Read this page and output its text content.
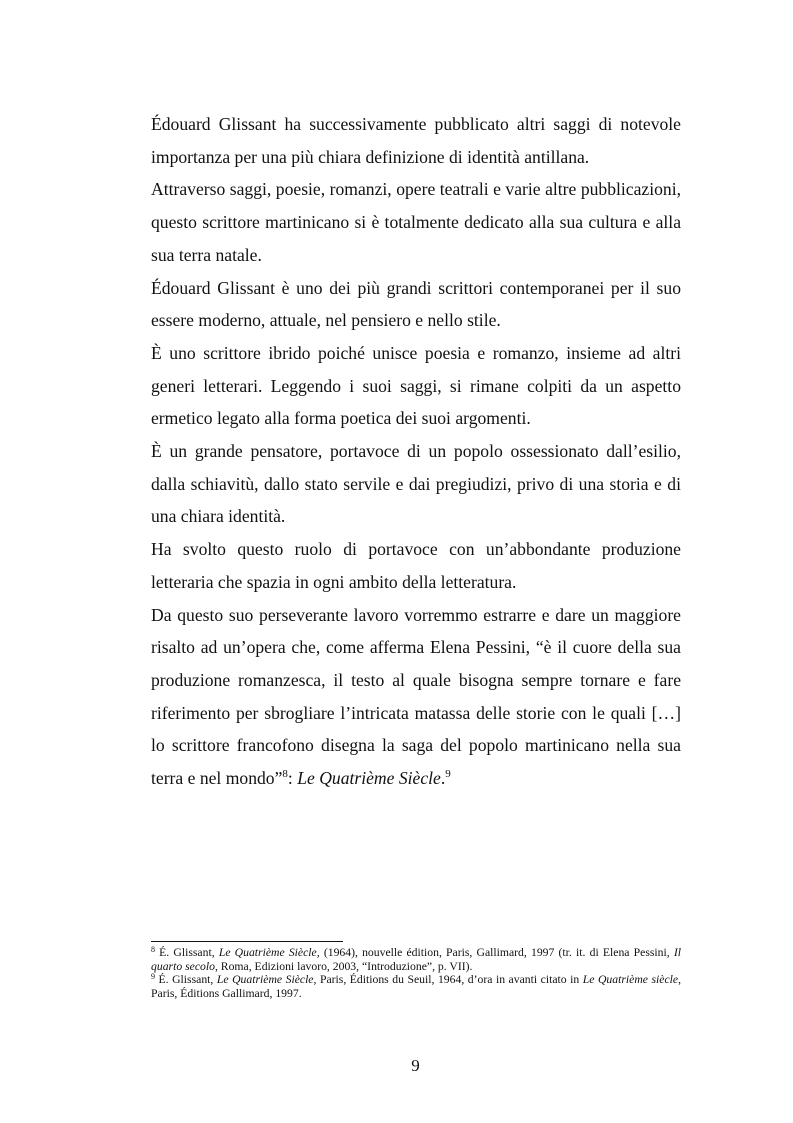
Édouard Glissant ha successivamente pubblicato altri saggi di notevole importanza per una più chiara definizione di identità antillana.

Attraverso saggi, poesie, romanzi, opere teatrali e varie altre pubblicazioni, questo scrittore martinicano si è totalmente dedicato alla sua cultura e alla sua terra natale.

Édouard Glissant è uno dei più grandi scrittori contemporanei per il suo essere moderno, attuale, nel pensiero e nello stile.

È uno scrittore ibrido poiché unisce poesia e romanzo, insieme ad altri generi letterari. Leggendo i suoi saggi, si rimane colpiti da un aspetto ermetico legato alla forma poetica dei suoi argomenti.

È un grande pensatore, portavoce di un popolo ossessionato dall’esilio, dalla schiavitù, dallo stato servile e dai pregiudizi, privo di una storia e di una chiara identità.

Ha svolto questo ruolo di portavoce con un’abbondante produzione letteraria che spazia in ogni ambito della letteratura.

Da questo suo perseverante lavoro vorremmo estrarre e dare un maggiore risalto ad un’opera che, come afferma Elena Pessini, “è il cuore della sua produzione romanzesca, il testo al quale bisogna sempre tornare e fare riferimento per sbrogliare l’intricata matassa delle storie con le quali […] lo scrittore francofono disegna la saga del popolo martinicano nella sua terra e nel mondo”$^8$: Le Quatrième Siècle.$^9$

$^8$ É. Glissant, Le Quatrième Siècle, (1964), nouvelle édition, Paris, Gallimard, 1997 (tr. it. di Elena Pessini, Il quarto secolo, Roma, Edizioni lavoro, 2003, “Introduzione”, p. VII).

$^9$ É. Glissant, Le Quatrième Siècle, Paris, Éditions du Seuil, 1964, d’ora in avanti citato in Le Quatrième siècle, Paris, Éditions Gallimard, 1997.

9
